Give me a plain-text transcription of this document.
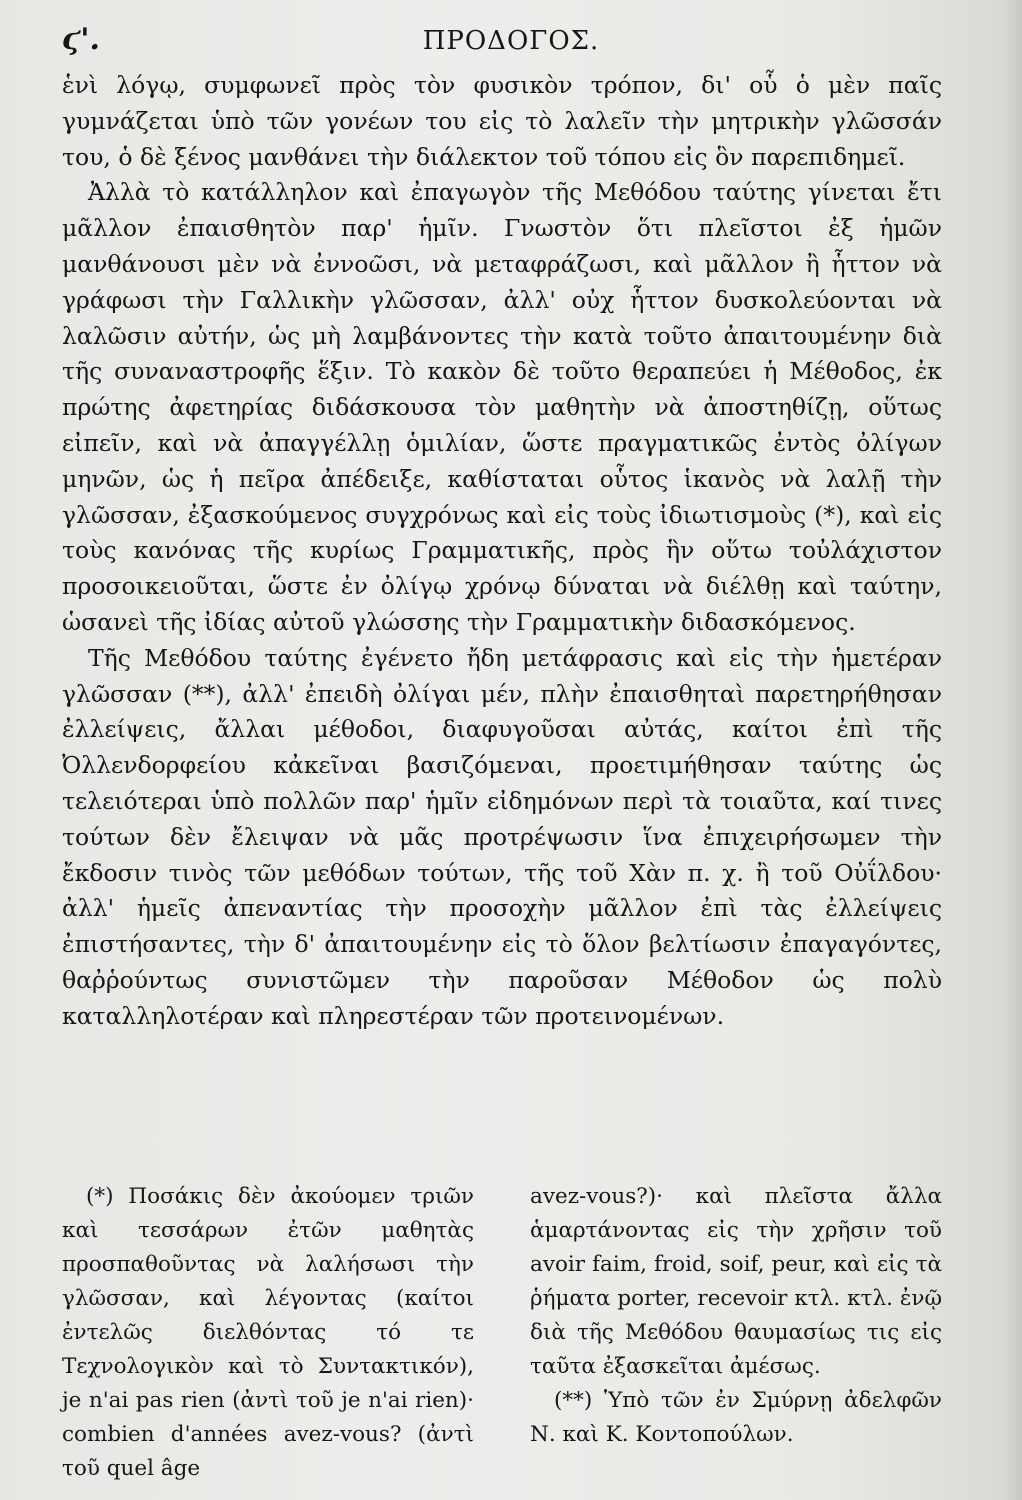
ϛ'.	ΠΡΟΔΟΓΟΣ.

ἑνὶ λόγῳ, συμφωνεῖ πρὸς τὸν φυσικὸν τρόπον, δι' οὗ ὁ μὲν παῖς γυμνάζεται ὑπὸ τῶν γονέων του εἰς τὸ λαλεῖν τὴν μητρικὴν γλῶσσάν του, ὁ δὲ ξένος μανθάνει τὴν διάλεκτον τοῦ τόπου εἰς ὃν παρεπιδημεῖ.

Ἀλλὰ τὸ κατάλληλον καὶ ἐπαγωγὸν τῆς Μεθόδου ταύτης γίνεται ἔτι μᾶλλον ἐπαισθητὸν παρ' ἡμῖν. Γνωστὸν ὅτι πλεῖστοι ἐξ ἡμῶν μανθάνουσι μὲν νὰ ἐννοῶσι, νὰ μεταφράζωσι, καὶ μᾶλλον ἢ ἧττον νὰ γράφωσι τὴν Γαλλικὴν γλῶσσαν, ἀλλ' οὐχ ἧττον δυσκολεύονται νὰ λαλῶσιν αὐτήν, ὡς μὴ λαμβάνοντες τὴν κατὰ τοῦτο ἀπαιτουμένην διὰ τῆς συναναστροφῆς ἕξιν. Τὸ κακὸν δὲ τοῦτο θεραπεύει ἡ Μέθοδος, ἐκ πρώτης ἀφετηρίας διδάσκουσα τὸν μαθητὴν νὰ ἀποστηθίζῃ, οὕτως εἰπεῖν, καὶ νὰ ἀπαγγέλλῃ ὁμιλίαν, ὥστε πραγματικῶς ἐντὸς ὀλίγων μηνῶν, ὡς ἡ πεῖρα ἀπέδειξε, καθίσταται οὗτος ἱκανὸς νὰ λαλῇ τὴν γλῶσσαν, ἐξασκούμενος συγχρόνως καὶ εἰς τοὺς ἰδιωτισμοὺς (*), καὶ εἰς τοὺς κανόνας τῆς κυρίως Γραμματικῆς, πρὸς ἣν οὕτω τοὐλάχιστον προσοικειοῦται, ὥστε ἐν ὀλίγῳ χρόνῳ δύναται νὰ διέλθῃ καὶ ταύτην, ὡσανεὶ τῆς ἰδίας αὐτοῦ γλώσσης τὴν Γραμματικὴν διδασκόμενος.

Τῆς Μεθόδου ταύτης ἐγένετο ἤδη μετάφρασις καὶ εἰς τὴν ἡμετέραν γλῶσσαν (**), ἀλλ' ἐπειδὴ ὀλίγαι μέν, πλὴν ἐπαισθηταὶ παρετηρήθησαν ἐλλείψεις, ἄλλαι μέθοδοι, διαφυγοῦσαι αὐτάς, καίτοι ἐπὶ τῆς Ὀλλενδορφείου κἀκεῖναι βασιζόμεναι, προετιμήθησαν ταύτης ὡς τελειότεραι ὑπὸ πολλῶν παρ' ἡμῖν εἰδημόνων περὶ τὰ τοιαῦτα, καί τινες τούτων δὲν ἔλειψαν νὰ μᾶς προτρέψωσιν ἵνα ἐπιχειρήσωμεν τὴν ἔκδοσιν τινὸς τῶν μεθόδων τούτων, τῆς τοῦ Χὰν π. χ. ἢ τοῦ Οὐΐλδου· ἀλλ' ἡμεῖς ἀπεναντίας τὴν προσοχὴν μᾶλλον ἐπὶ τὰς ἐλλείψεις ἐπιστήσαντες, τὴν δ' ἀπαιτουμένην εἰς τὸ ὅλον βελτίωσιν ἐπαγαγόντες, θαῤῥούντως συνιστῶμεν τὴν παροῦσαν Μέθοδον ὡς πολὺ καταλληλοτέραν καὶ πληρεστέραν τῶν προτεινομένων.

(*) Ποσάκις δὲν ἀκούομεν τριῶν καὶ τεσσάρων ἐτῶν μαθητὰς προσπαθοῦντας νὰ λαλήσωσι τὴν γλῶσσαν, καὶ λέγοντας (καίτοι ἐντελῶς διελθόντας τό τε Τεχνολογικὸν καὶ τὸ Συντακτικόν), je n'ai pas rien (ἀντὶ τοῦ je n'ai rien)· combien d'années avez-vous? (ἀντὶ τοῦ quel âge

avez-vous?)· καὶ πλεῖστα ἄλλα ἁμαρτάνοντας εἰς τὴν χρῆσιν τοῦ avoir faim, froid, soif, peur, καὶ εἰς τὰ ῥήματα porter, recevoir κτλ. κτλ. ἐνῷ διὰ τῆς Μεθόδου θαυμασίως τις εἰς ταῦτα ἐξασκεῖται ἀμέσως.

(**) Ὑπὸ τῶν ἐν Σμύρνῃ ἀδελφῶν Ν. καὶ Κ. Κοντοπούλων.
